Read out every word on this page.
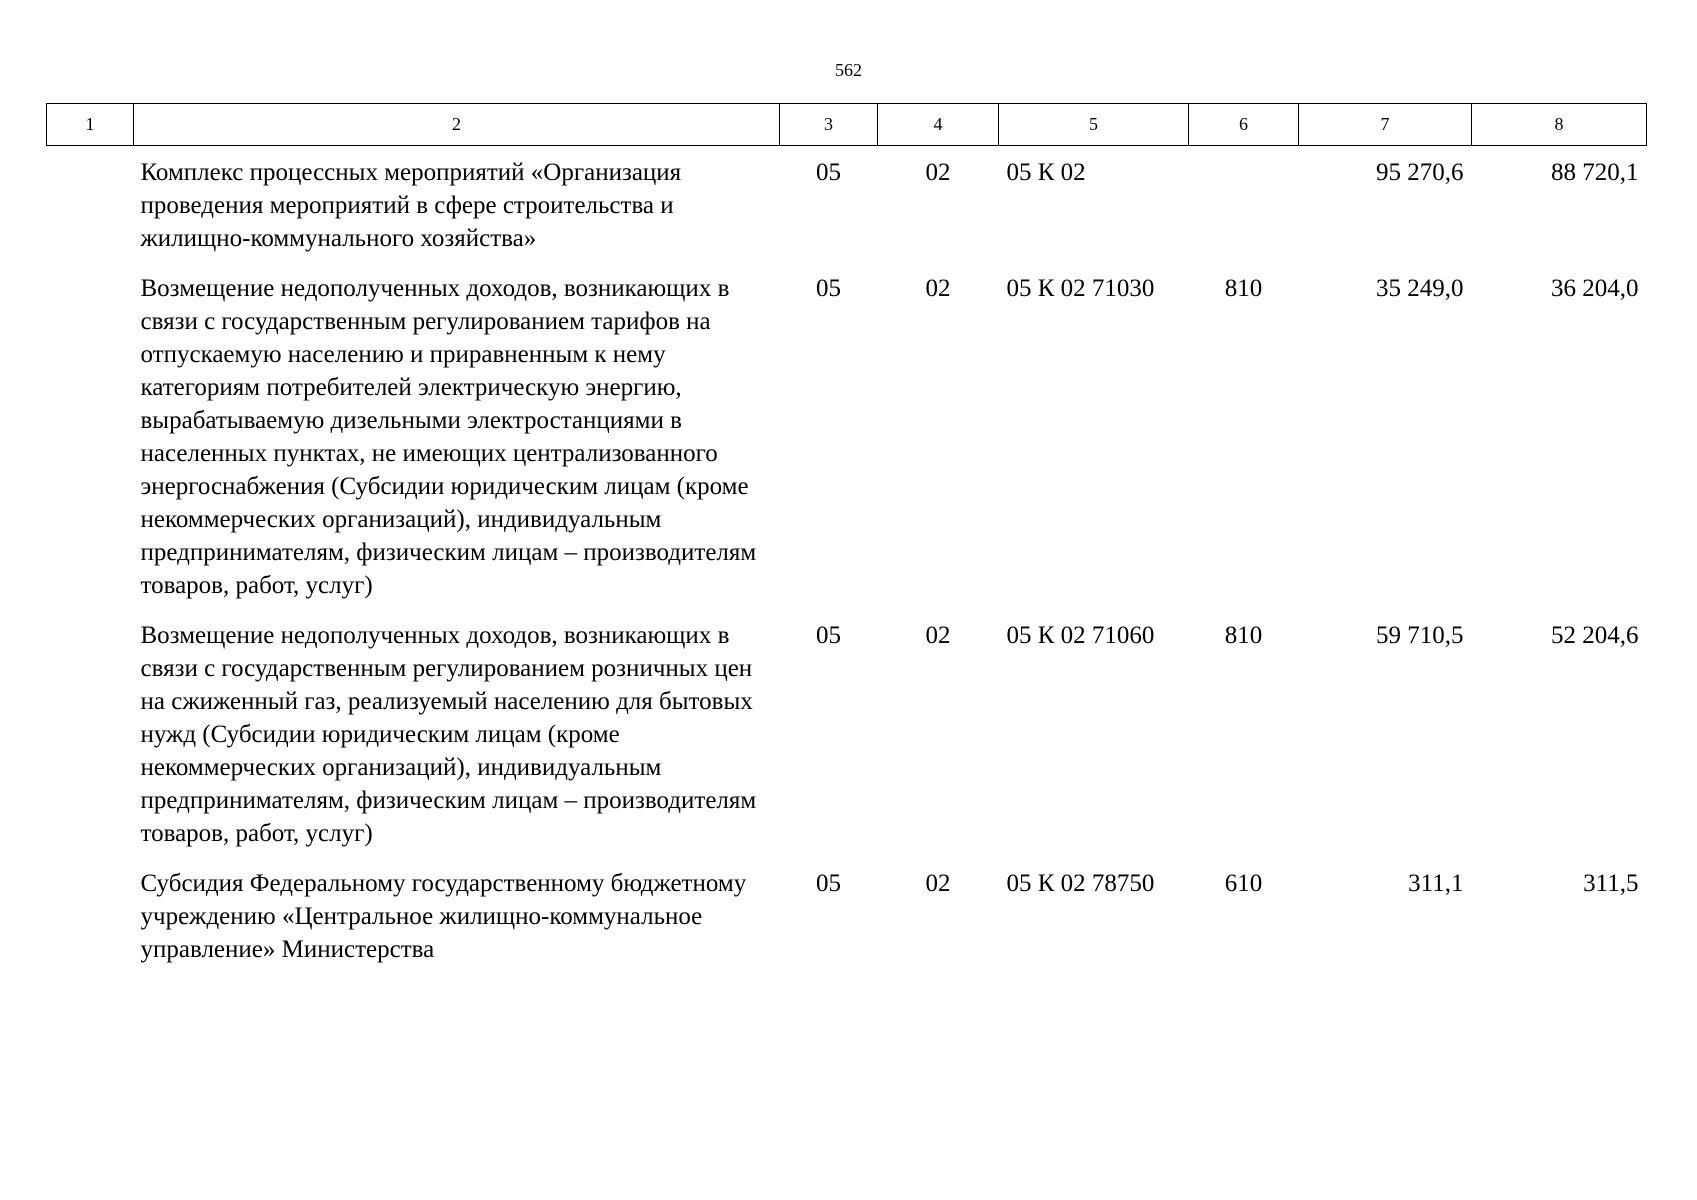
562
1	2	3	4	5	6	7	8
	Комплекс процессных мероприятий «Организация проведения мероприятий в сфере строительства и жилищно-коммунального хозяйства»	05	02	05 К 02		95 270,6	88 720,1
	Возмещение недополученных доходов, возникающих в связи с государственным регулированием тарифов на отпускаемую населению и приравненным к нему категориям потребителей электрическую энергию, вырабатываемую дизельными электростанциями в населенных пунктах, не имеющих централизованного энергоснабжения (Субсидии юридическим лицам (кроме некоммерческих организаций), индивидуальным предпринимателям, физическим лицам – производителям товаров, работ, услуг)	05	02	05 К 02 71030	810	35 249,0	36 204,0
	Возмещение недополученных доходов, возникающих в связи с государственным регулированием розничных цен на сжиженный газ, реализуемый населению для бытовых нужд (Субсидии юридическим лицам (кроме некоммерческих организаций), индивидуальным предпринимателям, физическим лицам – производителям товаров, работ, услуг)	05	02	05 К 02 71060	810	59 710,5	52 204,6
	Субсидия Федеральному государственному бюджетному учреждению «Центральное жилищно-коммунальное управление» Министерства	05	02	05 К 02 78750	610	311,1	311,5
